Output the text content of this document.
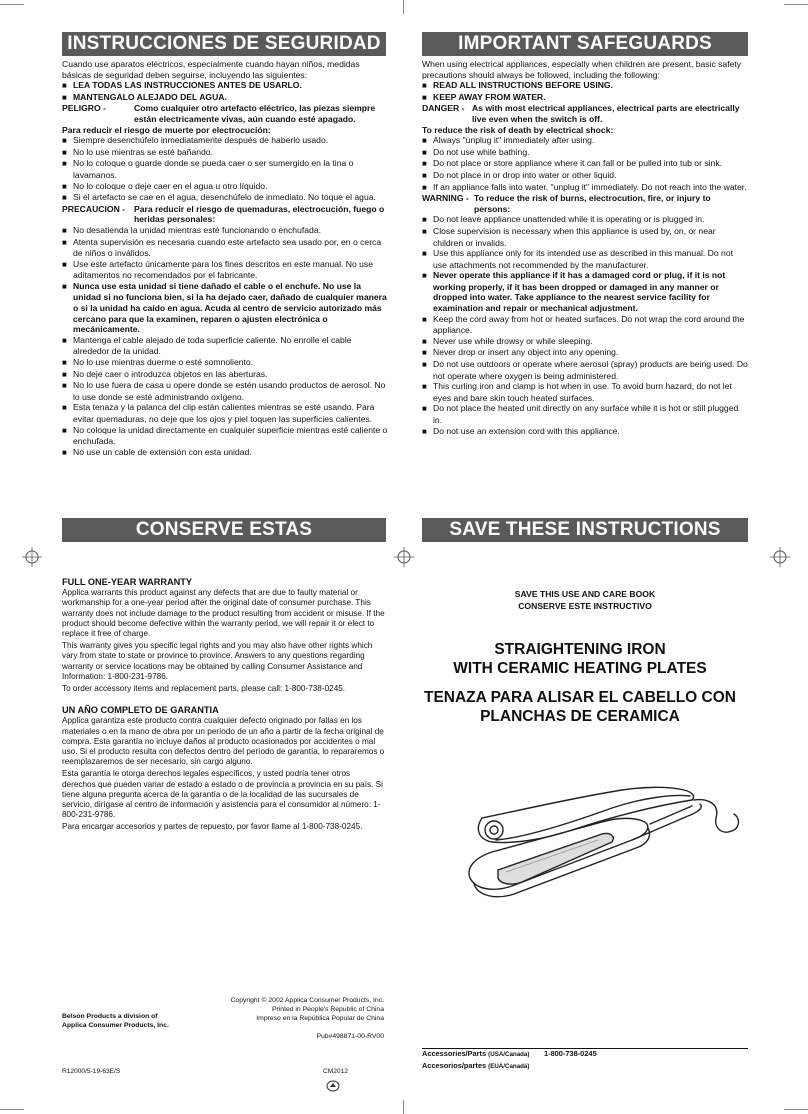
INSTRUCCIONES DE SEGURIDAD

Cuando use aparatos eléctricos, especialmente cuando hayan niños, medidas básicas de seguridad deben seguirse, incluyendo las siguientes:

■ LEA TODAS LAS INSTRUCCIONES ANTES DE USARLO.

■ MANTENGALO ALEJADO DEL AGUA.

PELIGRO -	Como cualquier otro artefacto eléctrico, las piezas siempre están electricamente vivas, aún cuando esté apagado.

Para reducir el riesgo de muerte por electrocución:

■ Siempre desenchúfelo inmediatamente después de haberlo usado.

■ No lo use mientras se esté bañando.

■ No lo coloque o guarde donde se pueda caer o ser sumergido en la tina o lavamanos.

■ No lo coloque o deje caer en el agua u otro líquido.

■ Si el artefacto se cae en el agua, desenchúfelo de inmediato. No toque el agua.

PRECAUCION - Para reducir el riesgo de quemaduras, electrocución, fuego o heridas personales:

■ No desatienda la unidad mientras esté funcionando o enchufada.

■ Atenta supervisión es necesaria cuando este artefacto sea usado por, en o cerca de niños o inválidos.

■ Use este artefacto únicamente para los fines descritos en este manual. No use aditamentos no recomendados por el fabricante.

■ Nunca use esta unidad si tiene dañado el cable o el enchufe. No use la unidad si no funciona bien, si la ha dejado caer, dañado de cualquier manera o si la unidad ha caído en agua. Acuda al centro de servicio autorizado más cercano para que la examinen, reparen o ajusten electrónica o mecánicamente.

■ Mantenga el cable alejado de toda superficie caliente. No enrolle el cable alrededor de la unidad.

■ No lo use mientras duerme o esté somnoliento.

■ No deje caer o introduzca objetos en las aberturas.

■ No lo use fuera de casa u opere donde se estén usando productos de aerosol. No lo use donde se esté administrando oxígeno.

■ Esta tenaza y la palanca del clip están calientes mientras se esté usando. Para evitar quemaduras, no deje que los ojos y piel toquen las superficies calientes.

■ No coloque la unidad directamente en cualquier superficie mientras esté caliente o enchufada.

■ No use un cable de extensión con esta unidad.

CONSERVE ESTAS INSTRUCCIONES
IMPORTANT SAFEGUARDS

When using electrical appliances, especially when children are present, basic safety precautions should always be followed, including the following:

■ READ ALL INSTRUCTIONS BEFORE USING.

■ KEEP AWAY FROM WATER.

DANGER - As with most electrical appliances, electrical parts are electrically live even when the switch is off.

To reduce the risk of death by electrical shock:

■ Always "unplug it" immediately after using.

■ Do not use while bathing.

■ Do not place or store appliance where it can fall or be pulled into tub or sink.

■ Do not place in or drop into water or other liquid.

■ If an appliance falls into water, "unplug it" immediately. Do not reach into the water.

WARNING - To reduce the risk of burns, electrocution, fire, or injury to persons:

■ Do not leave appliance unattended while it is operating or is plugged in.

■ Close supervision is necessary when this appliance is used by, on, or near children or invalids.

■ Use this appliance only for its intended use as described in this manual. Do not use attachments not recommended by the manufacturer.

■ Never operate this appliance if it has a damaged cord or plug, if it is not working properly, if it has been dropped or damaged in any manner or dropped into water. Take appliance to the nearest service facility for examination and repair or mechanical adjustment.

■ Keep the cord away from hot or heated surfaces. Do not wrap the cord around the appliance.

■ Never use while drowsy or while sleeping.

■ Never drop or insert any object into any opening.

■ Do not use outdoors or operate where aerosol (spray) products are being used. Do not operate where oxygen is being administered.

■ This curling iron and clamp is hot when in use. To avoid burn hazard, do not let eyes and bare skin touch heated surfaces.

■ Do not place the heated unit directly on any surface while it is hot or still plugged in.

■ Do not use an extension cord with this appliance.

SAVE THESE INSTRUCTIONS

FULL ONE-YEAR WARRANTY

Applica warrants this product against any defects that are due to faulty material or workmanship for a one-year period after the original date of consumer purchase. This warranty does not include damage to the product resulting from accident or misuse. If the product should become defective within the warranty period, we will repair it or elect to replace it free of charge.

This warranty gives you specific legal rights and you may also have other rights which vary from state to state or province to province. Answers to any questions regarding warranty or service locations may be obtained by calling Consumer Assistance and Information: 1-800-231-9786.

To order accessory items and replacement parts, please call: 1-800-738-0245.

UN AÑO COMPLETO DE GARANTIA

Applica garantiza este producto contra cualquier defecto originado por fallas en los materiales o en la mano de obra por un período de un año a partir de la fecha original de compra. Esta garantía no incluye daños al producto ocasionados por accidentes o mal uso. Si el producto resulta con defectos dentro del período de garantía, lo repararemos o reemplazaremos de ser necesario, sin cargo alguno.

Esta garantía le otorga derechos legales específicos, y usted podría tener otros derechos que pueden variar de estado a estado o de provincia a provincia en su país. Si tiene alguna pregunta acerca de la garantía o de la localidad de las sucursales de servicio, dirígase al centro de información y asistencia para el consumidor al número: 1-800-231-9786.

Para encargar accesorios y partes de repuesto, por favor llame al 1-800-738-0245.

SAVE THIS USE AND CARE BOOK
CONSERVE ESTE INSTRUCTIVO
STRAIGHTENING IRON
WITH CERAMIC HEATING PLATES
TENAZA PARA ALISAR EL CABELLO CON
PLANCHAS DE CERAMICA
Belson Products a division of
Applica Consumer Products, Inc.
Copyright © 2002 Applica Consumer Products, Inc.
Printed in People's Republic of China
Impreso en la República Popular de China
Pub#498871-00-RV00
R12000/5-19-63E/S	CM2012
Accessories/Parts (USA/Canada)	1-800-738-0245
Accesorios/partes (EUA/Canadá)
